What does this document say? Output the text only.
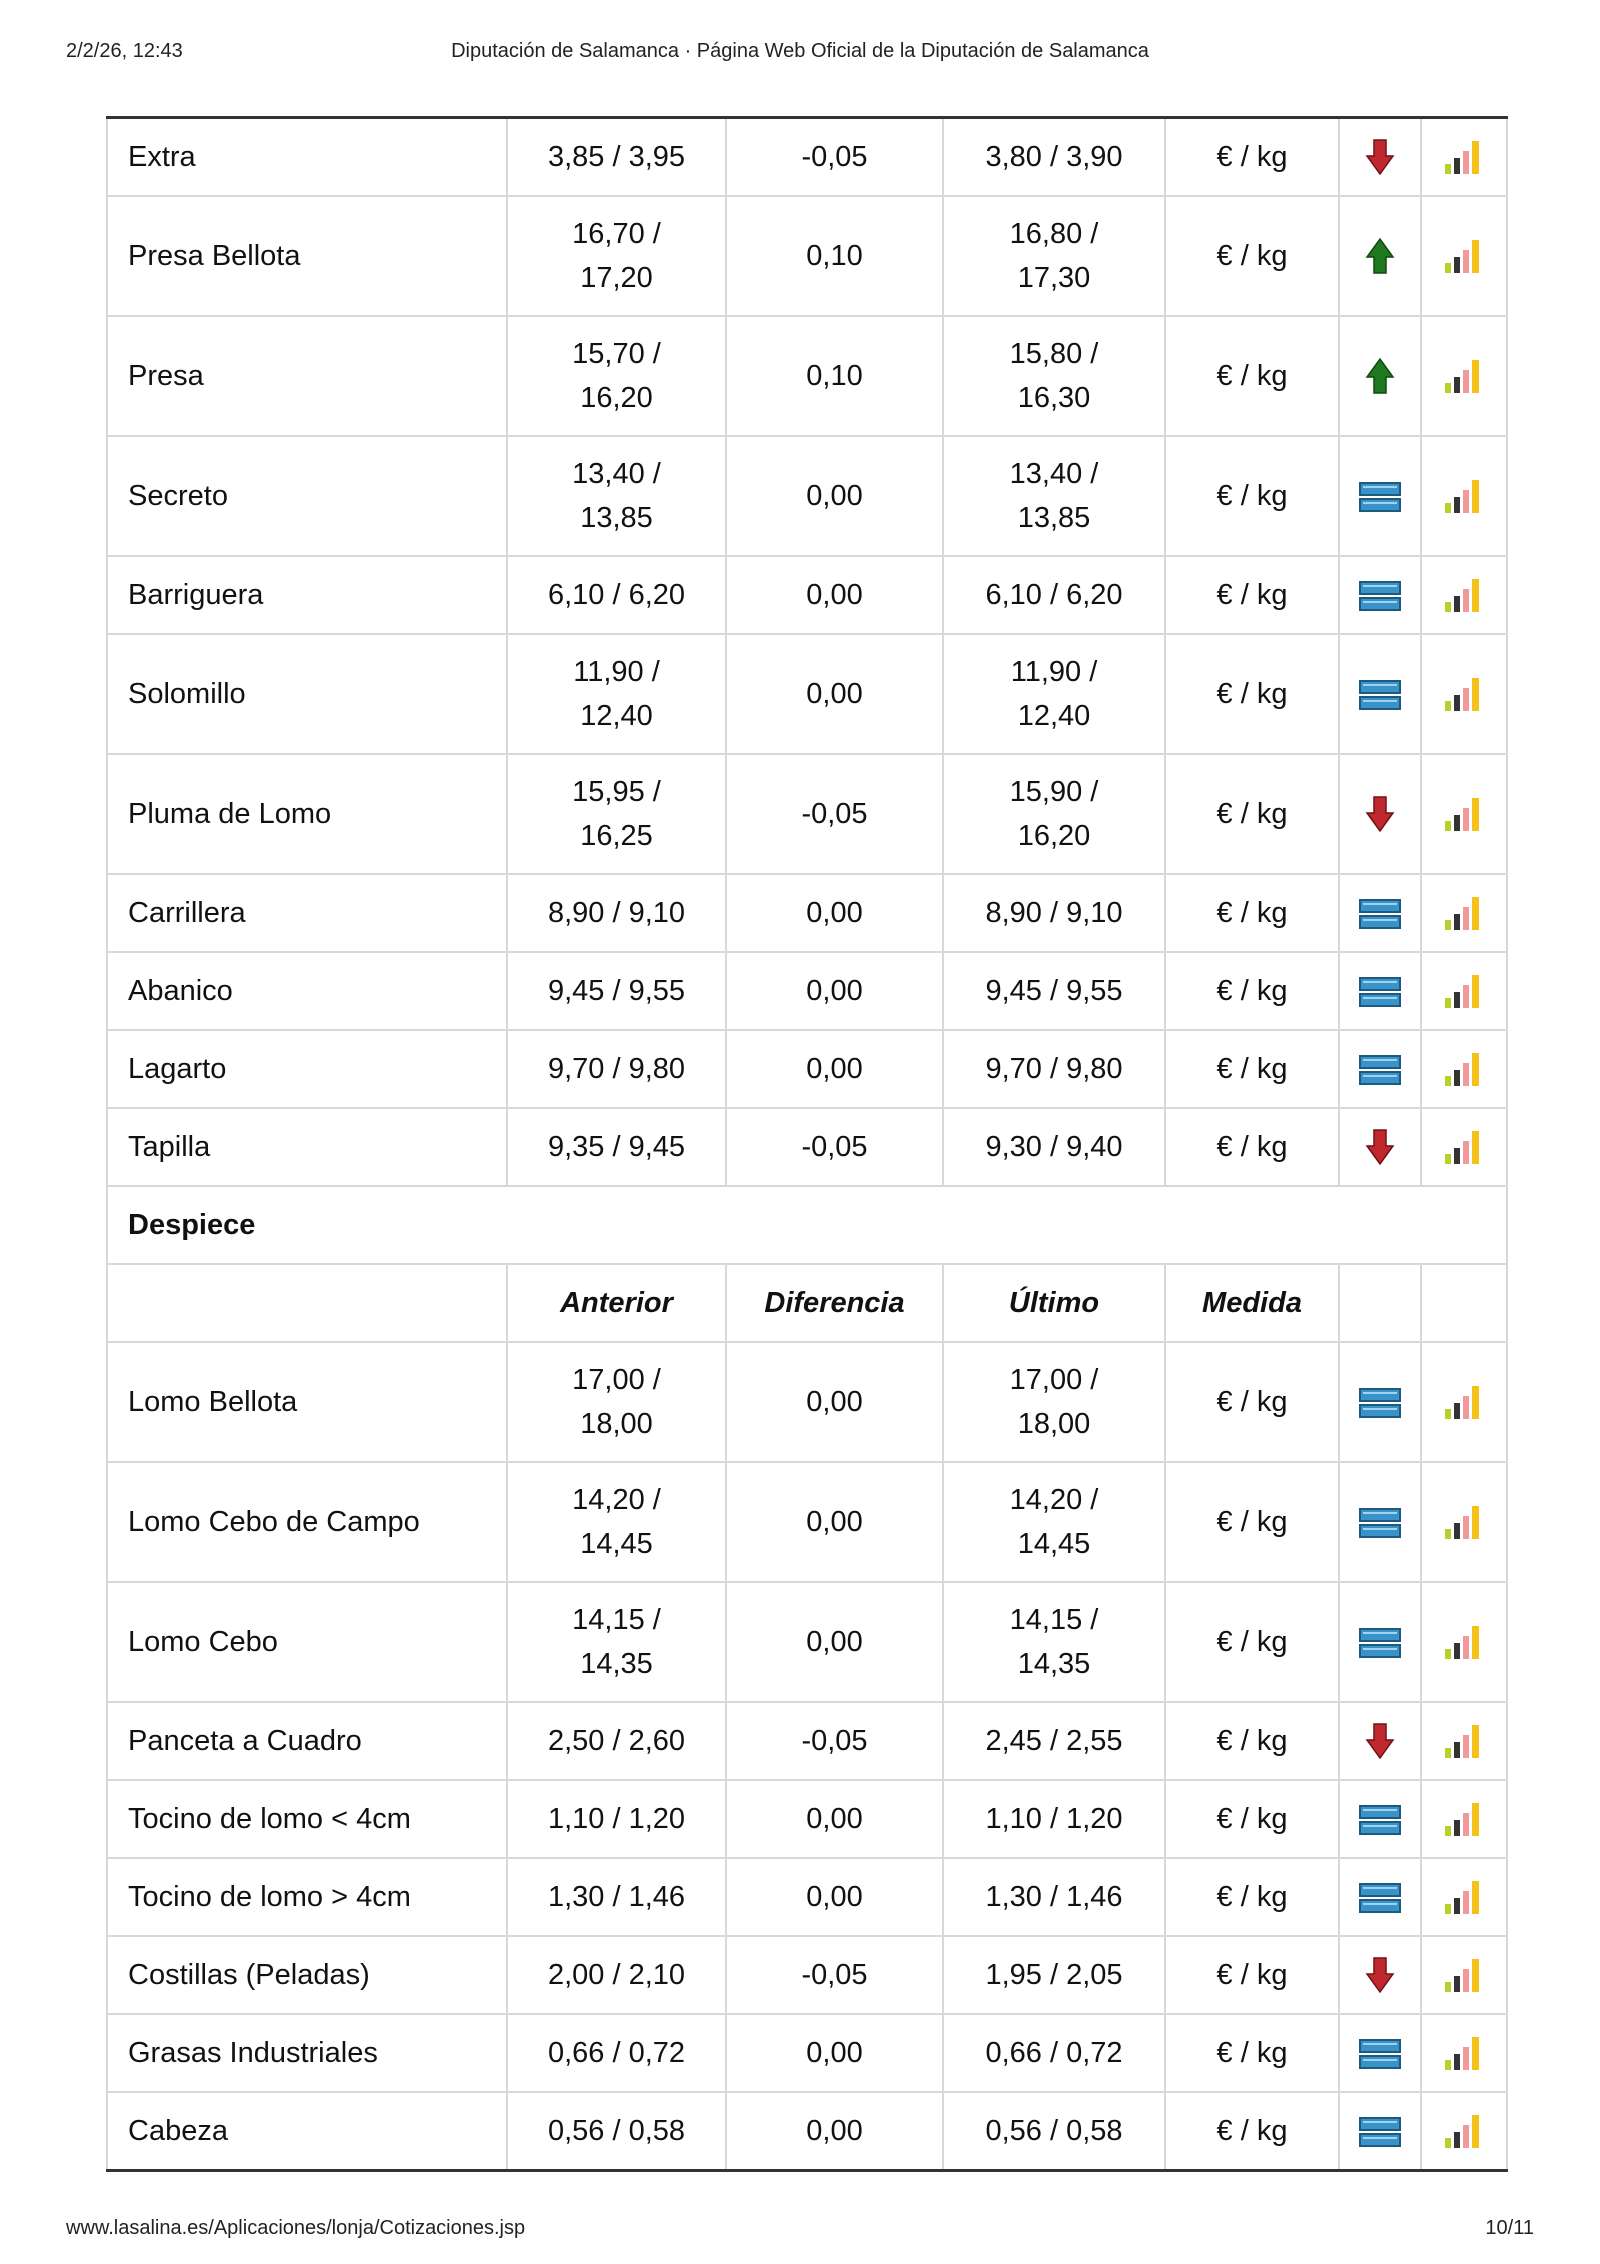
2/2/26, 12:43	Diputación de Salamanca · Página Web Oficial de la Diputación de Salamanca
Extra	3,85 / 3,95	-0,05	3,80 / 3,90	€ / kg		
Presa Bellota	16,70 / 17,20	0,10	16,80 / 17,30	€ / kg		
Presa	15,70 / 16,20	0,10	15,80 / 16,30	€ / kg		
Secreto	13,40 / 13,85	0,00	13,40 / 13,85	€ / kg		
Barriguera	6,10 / 6,20	0,00	6,10 / 6,20	€ / kg		
Solomillo	11,90 / 12,40	0,00	11,90 / 12,40	€ / kg		
Pluma de Lomo	15,95 / 16,25	-0,05	15,90 / 16,20	€ / kg		
Carrillera	8,90 / 9,10	0,00	8,90 / 9,10	€ / kg		
Abanico	9,45 / 9,55	0,00	9,45 / 9,55	€ / kg		
Lagarto	9,70 / 9,80	0,00	9,70 / 9,80	€ / kg		
Tapilla	9,35 / 9,45	-0,05	9,30 / 9,40	€ / kg		
Despiece						
	Anterior	Diferencia	Último	Medida		
Lomo Bellota	17,00 / 18,00	0,00	17,00 / 18,00	€ / kg		
Lomo Cebo de Campo	14,20 / 14,45	0,00	14,20 / 14,45	€ / kg		
Lomo Cebo	14,15 / 14,35	0,00	14,15 / 14,35	€ / kg		
Panceta a Cuadro	2,50 / 2,60	-0,05	2,45 / 2,55	€ / kg		
Tocino de lomo < 4cm	1,10 / 1,20	0,00	1,10 / 1,20	€ / kg		
Tocino de lomo > 4cm	1,30 / 1,46	0,00	1,30 / 1,46	€ / kg		
Costillas (Peladas)	2,00 / 2,10	-0,05	1,95 / 2,05	€ / kg		
Grasas Industriales	0,66 / 0,72	0,00	0,66 / 0,72	€ / kg		
Cabeza	0,56 / 0,58	0,00	0,56 / 0,58	€ / kg		
www.lasalina.es/Aplicaciones/lonja/Cotizaciones.jsp	10/11
